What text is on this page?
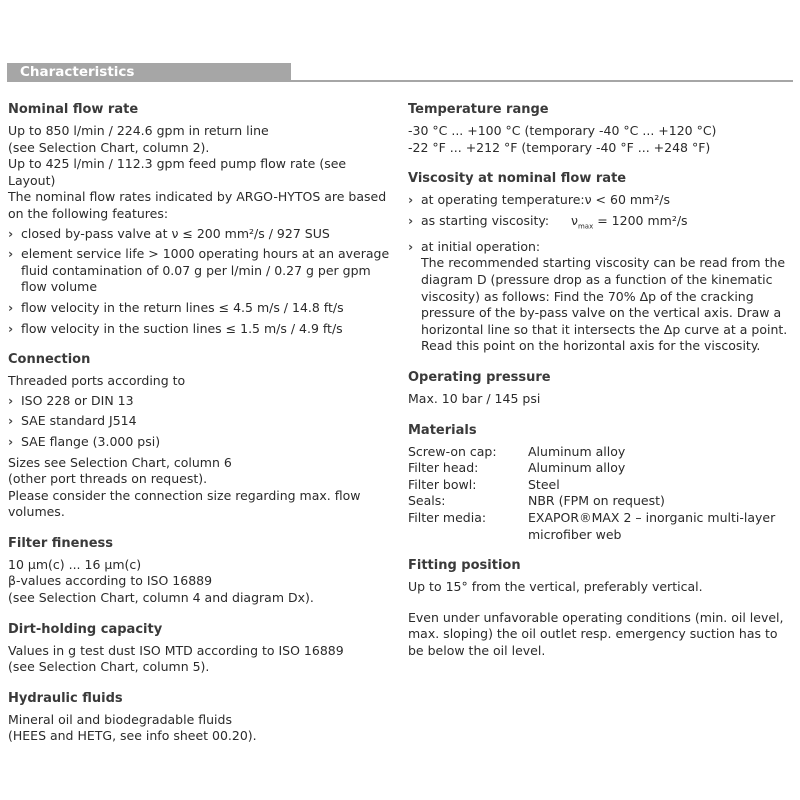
Characteristics
Nominal flow rate

Up to 850 l/min / 224.6 gpm in return line

(see Selection Chart, column 2).

Up to 425 l/min / 112.3 gpm feed pump flow rate (see Layout)

The nominal flow rates indicated by ARGO-HYTOS are based on the following features:

› closed by-pass valve at ν ≤ 200 mm²/s / 927 SUS
› element service life > 1000 operating hours at an average fluid contamination of 0.07 g per l/min / 0.27 g per gpm flow volume
› flow velocity in the return lines ≤ 4.5 m/s / 14.8 ft/s
› flow velocity in the suction lines ≤ 1.5 m/s / 4.9 ft/s
Connection

Threaded ports according to

› ISO 228 or DIN 13
› SAE standard J514
› SAE flange (3.000 psi)

Sizes see Selection Chart, column 6

(other port threads on request).

Please consider the connection size regarding max. flow volumes.

Filter fineness

10 µm(c) ... 16 µm(c)

β-values according to ISO 16889

(see Selection Chart, column 4 and diagram Dx).

Dirt-holding capacity

Values in g test dust ISO MTD according to ISO 16889

(see Selection Chart, column 5).

Hydraulic fluids

Mineral oil and biodegradable fluids

(HEES and HETG, see info sheet 00.20).

Temperature range

-30 °C ... +100 °C (temporary -40 °C ... +120 °C)

-22 °F ... +212 °F (temporary -40 °F ... +248 °F)

Viscosity at nominal flow rate
› at operating temperature:ν < 60 mm²/s
› as starting viscosity: $\nu_{max} = 1200$ mm²/s
› at initial operation:
The recommended starting viscosity can be read from the diagram D (pressure drop as a function of the kinematic viscosity) as follows: Find the 70% Δp of the cracking pressure of the by-pass valve on the vertical axis. Draw a horizontal line so that it intersects the Δp curve at a point. Read this point on the horizontal axis for the viscosity.
Operating pressure

Max. 10 bar / 145 psi

Materials
Screw-on cap:	Aluminum alloy
Filter head:	Aluminum alloy
Filter bowl:	Steel
Seals:	NBR (FPM on request)
Filter media:	EXAPOR®MAX 2 – inorganic multi-layer microfiber web
Fitting position

Up to 15° from the vertical, preferably vertical.

Even under unfavorable operating conditions (min. oil level, max. sloping) the oil outlet resp. emergency suction has to be below the oil level.
